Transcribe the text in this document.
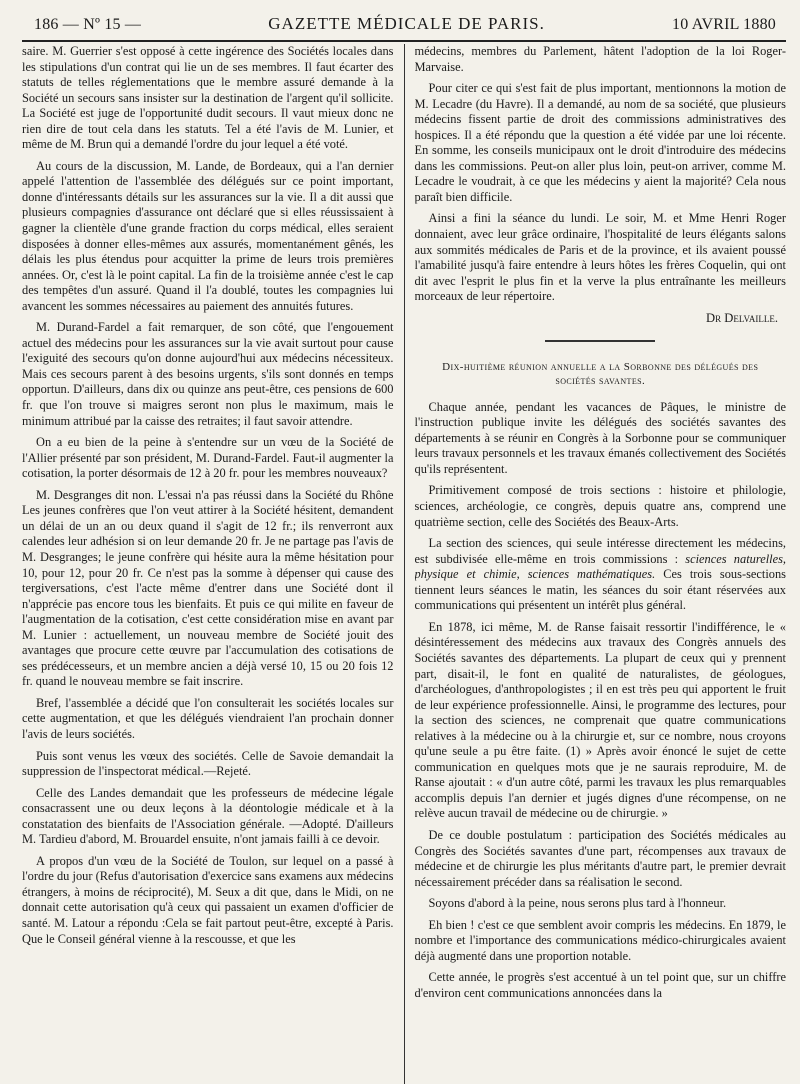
186 — Nº 15 —	GAZETTE MÉDICALE DE PARIS.	10 AVRIL 1880

saire. M. Guerrier s'est opposé à cette ingérence des Sociétés locales dans les stipulations d'un contrat qui lie un de ses membres. Il faut écarter des statuts de telles réglementations que le membre assuré demande à la Société un secours sans insister sur la destination de l'argent qu'il sollicite. La Société est juge de l'opportunité dudit secours. Il vaut mieux donc ne rien dire de tout cela dans les statuts. Tel a été l'avis de M. Lunier, et même de M. Brun qui a demandé l'ordre du jour lequel a été voté.

Au cours de la discussion, M. Lande, de Bordeaux, qui a l'an dernier appelé l'attention de l'assemblée des délégués sur ce point important, donne d'intéressants détails sur les assurances sur la vie. Il a dit aussi que plusieurs compagnies d'assurance ont déclaré que si elles réussissaient à gagner la clientèle d'une grande fraction du corps médical, elles seraient disposées à donner elles-mêmes aux assurés, momentanément gênés, les délais les plus étendus pour acquitter la prime de leurs trois premières années. Or, c'est là le point capital. La fin de la troisième année c'est le cap des tempêtes d'un assuré. Quand il l'a doublé, toutes les compagnies lui avancent les sommes nécessaires au paiement des annuités futures.

M. Durand-Fardel a fait remarquer, de son côté, que l'engouement actuel des médecins pour les assurances sur la vie avait surtout pour cause l'exiguité des secours qu'on donne aujourd'hui aux médecins nécessiteux. Mais ces secours parent à des besoins urgents, s'ils sont donnés en temps opportun. D'ailleurs, dans dix ou quinze ans peut-être, ces pensions de 600 fr. que l'on trouve si maigres seront non plus le maximum, mais le minimum attribué par la caisse des retraites; il faut savoir attendre.

On a eu bien de la peine à s'entendre sur un vœu de la Société de l'Allier présenté par son président, M. Durand-Fardel. Faut-il augmenter la cotisation, la porter désormais de 12 à 20 fr. pour les membres nouveaux?

M. Desgranges dit non. L'essai n'a pas réussi dans la Société du Rhône Les jeunes confrères que l'on veut attirer à la Société hésitent, demandent un délai de un an ou deux quand il s'agit de 12 fr.; ils renverront aux calendes leur adhésion si on leur demande 20 fr. Je ne partage pas l'avis de M. Desgranges; le jeune confrère qui hésite aura la même hésitation pour 10, pour 12, pour 20 fr. Ce n'est pas la somme à dépenser qui cause des tergiversations, c'est l'acte même d'entrer dans une Société dont il n'apprécie pas encore tous les bienfaits. Et puis ce qui milite en faveur de l'augmentation de la cotisation, c'est cette considération mise en avant par M. Lunier : actuellement, un nouveau membre de Société jouit des avantages que procure cette œuvre par l'accumulation des cotisations de ses prédécesseurs, et un membre ancien a déjà versé 10, 15 ou 20 fois 12 fr. quand le nouveau membre se fait inscrire.

Bref, l'assemblée a décidé que l'on consulterait les sociétés locales sur cette augmentation, et que les délégués viendraient l'an prochain donner l'avis de leurs sociétés.

Puis sont venus les vœux des sociétés. Celle de Savoie demandait la suppression de l'inspectorat médical.—Rejeté.

Celle des Landes demandait que les professeurs de médecine légale consacrassent une ou deux leçons à la déontologie médicale et à la constatation des bienfaits de l'Association générale. —Adopté. D'ailleurs M. Tardieu d'abord, M. Brouardel ensuite, n'ont jamais failli à ce devoir.

A propos d'un vœu de la Société de Toulon, sur lequel on a passé à l'ordre du jour (Refus d'autorisation d'exercice sans examens aux médecins étrangers, à moins de réciprocité), M. Seux a dit que, dans le Midi, on ne donnait cette autorisation qu'à ceux qui passaient un examen d'officier de santé. M. Latour a répondu :Cela se fait partout peut-être, excepté à Paris. Que le Conseil général vienne à la rescousse, et que les

médecins, membres du Parlement, hâtent l'adoption de la loi Roger-Marvaise.

Pour citer ce qui s'est fait de plus important, mentionnons la motion de M. Lecadre (du Havre). Il a demandé, au nom de sa société, que plusieurs médecins fissent partie de droit des commissions administratives des hospices. Il a été répondu que la question a été vidée par une loi récente. En somme, les conseils municipaux ont le droit d'introduire des médecins dans les commissions. Peut-on aller plus loin, peut-on arriver, comme M. Lecadre le voudrait, à ce que les médecins y aient la majorité? Cela nous paraît bien difficile.

Ainsi a fini la séance du lundi. Le soir, M. et Mme Henri Roger donnaient, avec leur grâce ordinaire, l'hospitalité de leurs élégants salons aux sommités médicales de Paris et de la province, et ils avaient poussé l'amabilité jusqu'à faire entendre à leurs hôtes les frères Coquelin, qui ont dit avec l'esprit le plus fin et la verve la plus entraînante les meilleurs morceaux de leur répertoire.

Dr Delvaille.
Dix-huitième réunion annuelle a la Sorbonne des délégués des sociétés savantes.

Chaque année, pendant les vacances de Pâques, le ministre de l'instruction publique invite les délégués des sociétés savantes des départements à se réunir en Congrès à la Sorbonne pour se communiquer leurs travaux personnels et les travaux émanés collectivement des Sociétés qu'ils représentent.

Primitivement composé de trois sections : histoire et philologie, sciences, archéologie, ce congrès, depuis quatre ans, comprend une quatrième section, celle des Sociétés des Beaux-Arts.

La section des sciences, qui seule intéresse directement les médecins, est subdivisée elle-même en trois commissions : sciences naturelles, physique et chimie, sciences mathématiques. Ces trois sous-sections tiennent leurs séances le matin, les séances du soir étant réservées aux communications qui présentent un intérêt plus général.

En 1878, ici même, M. de Ranse faisait ressortir l'indifférence, le « désintéressement des médecins aux travaux des Congrès annuels des Sociétés savantes des départements. La plupart de ceux qui y prennent part, disait-il, le font en qualité de naturalistes, de géologues, d'archéologues, d'anthropologistes ; il en est très peu qui apportent le fruit de leur expérience professionnelle. Ainsi, le programme des lectures, pour la section des sciences, ne comprenait que quatre communications relatives à la médecine ou à la chirurgie et, sur ce nombre, nous croyons qu'une seule a pu être faite. (1) » Après avoir énoncé le sujet de cette communication en quelques mots que je ne saurais reproduire, M. de Ranse ajoutait : « d'un autre côté, parmi les travaux les plus remarquables accomplis depuis l'an dernier et jugés dignes d'une récompense, on ne relève aucun travail de médecine ou de chirurgie. »

De ce double postulatum : participation des Sociétés médicales au Congrès des Sociétés savantes d'une part, récompenses aux travaux de médecine et de chirurgie les plus méritants d'autre part, le premier devrait nécessairement précéder dans sa réalisation le second.

Soyons d'abord à la peine, nous serons plus tard à l'honneur.

Eh bien ! c'est ce que semblent avoir compris les médecins. En 1879, le nombre et l'importance des communications médico-chirurgicales avaient déjà augmenté dans une proportion notable.

Cette année, le progrès s'est accentué à un tel point que, sur un chiffre d'environ cent communications annoncées dans la
